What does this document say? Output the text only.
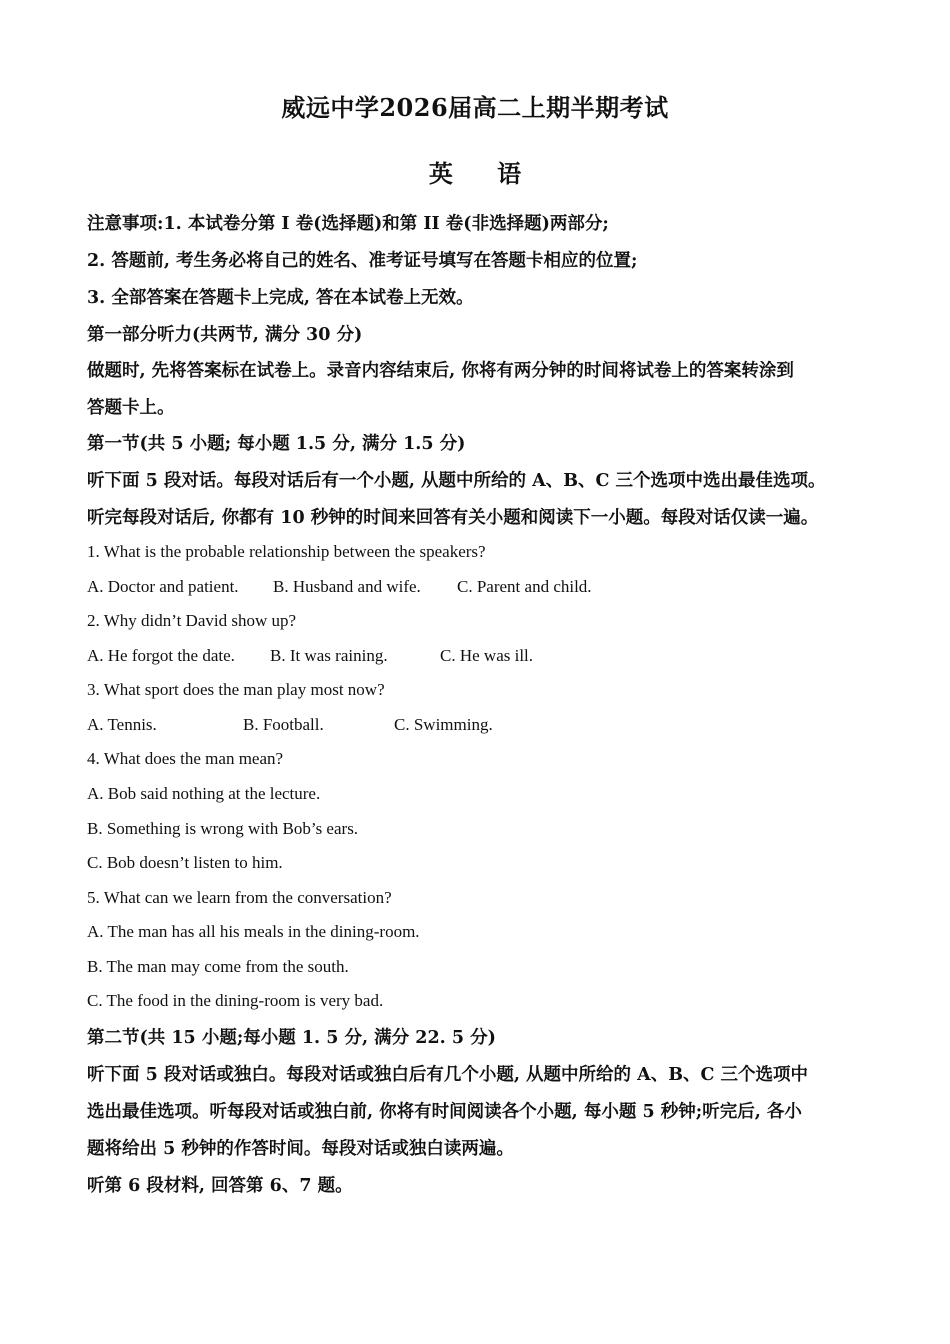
威远中学2026届高二上期半期考试
英 语
注意事项:1. 本试卷分第 I 卷(选择题)和第 II 卷(非选择题)两部分;
2. 答题前, 考生务必将自己的姓名、准考证号填写在答题卡相应的位置;
3. 全部答案在答题卡上完成, 答在本试卷上无效。
第一部分听力(共两节, 满分 30 分)
做题时, 先将答案标在试卷上。录音内容结束后, 你将有两分钟的时间将试卷上的答案转涂到
答题卡上。
第一节(共 5 小题; 每小题 1.5 分, 满分 1.5 分)
听下面 5 段对话。每段对话后有一个小题, 从题中所给的 A、B、C 三个选项中选出最佳选项。
听完每段对话后, 你都有 10 秒钟的时间来回答有关小题和阅读下一小题。每段对话仅读一遍。
1. What is the probable relationship between the speakers?
A. Doctor and patient. B. Husband and wife. C. Parent and child.
2. Why didn’t David show up?
A. He forgot the date. B. It was raining.	C. He was ill.
3. What sport does the man play most now?
A. Tennis.	B. Football.	C. Swimming.
4. What does the man mean?
A. Bob said nothing at the lecture.
B. Something is wrong with Bob’s ears.
C. Bob doesn’t listen to him.
5. What can we learn from the conversation?
A. The man has all his meals in the dining-room.
B. The man may come from the south.
C. The food in the dining-room is very bad.
第二节(共 15 小题;每小题 1. 5 分, 满分 22. 5 分)
听下面 5 段对话或独白。每段对话或独白后有几个小题, 从题中所给的 A、B、C 三个选项中
选出最佳选项。听每段对话或独白前, 你将有时间阅读各个小题, 每小题 5 秒钟;听完后, 各小
题将给出 5 秒钟的作答时间。每段对话或独白读两遍。
听第 6 段材料, 回答第 6、7 题。
